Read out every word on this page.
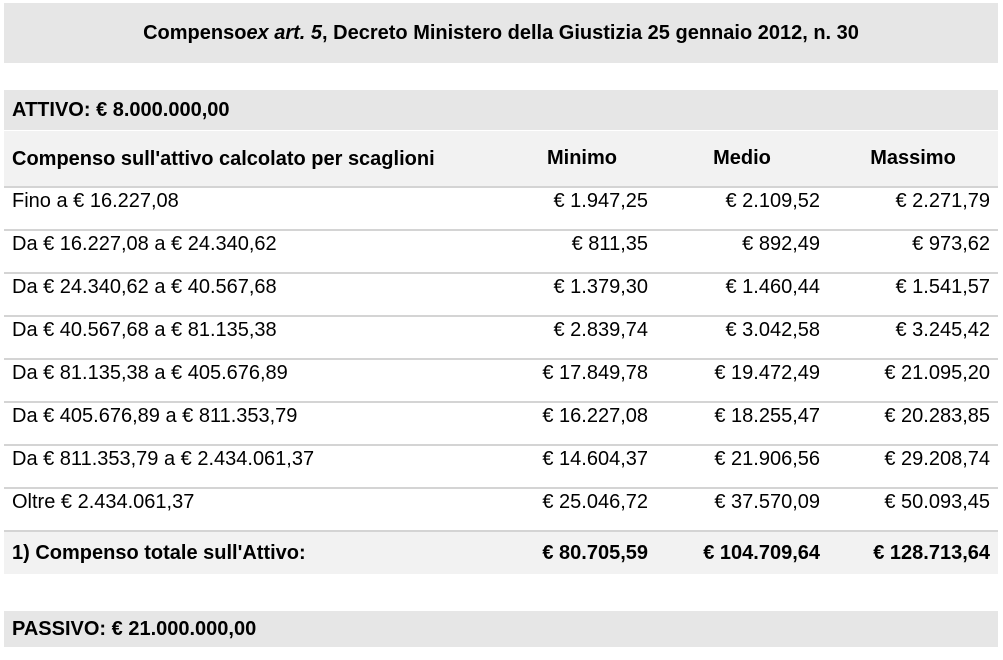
Compenso ex art. 5 , Decreto Ministero della Giustizia 25 gennaio 2012, n. 30
ATTIVO: € 8.000.000,00
Compenso sull'attivo calcolato per scaglioni	Minimo	Medio	Massimo
Fino a € 16.227,08	€ 1.947,25	€ 2.109,52	€ 2.271,79
Da € 16.227,08 a € 24.340,62	€ 811,35	€ 892,49	€ 973,62
Da € 24.340,62 a € 40.567,68	€ 1.379,30	€ 1.460,44	€ 1.541,57
Da € 40.567,68 a € 81.135,38	€ 2.839,74	€ 3.042,58	€ 3.245,42
Da € 81.135,38 a € 405.676,89	€ 17.849,78	€ 19.472,49	€ 21.095,20
Da € 405.676,89 a € 811.353,79	€ 16.227,08	€ 18.255,47	€ 20.283,85
Da € 811.353,79 a € 2.434.061,37	€ 14.604,37	€ 21.906,56	€ 29.208,74
Oltre € 2.434.061,37	€ 25.046,72	€ 37.570,09	€ 50.093,45
1) Compenso totale sull'Attivo:	€ 80.705,59	€ 104.709,64	€ 128.713,64
PASSIVO: € 21.000.000,00
